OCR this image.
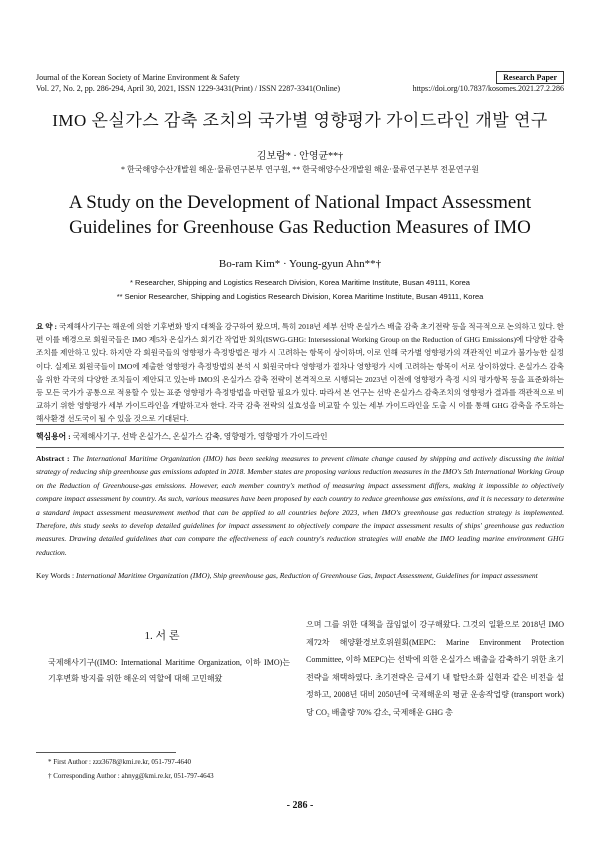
Journal of the Korean Society of Marine Environment & Safety
Vol. 27, No. 2, pp. 286-294, April 30, 2021, ISSN 1229-3431(Print) / ISSN 2287-3341(Online)
Research Paper
https://doi.org/10.7837/kosomes.2021.27.2.286
IMO 온실가스 감축 조치의 국가별 영향평가 가이드라인 개발 연구
김보람* · 안영균**†
* 한국해양수산개발원 해운·물류연구본부 연구원, ** 한국해양수산개발원 해운·물류연구본부 전문연구원
A Study on the Development of National Impact Assessment Guidelines for Greenhouse Gas Reduction Measures of IMO
Bo-ram Kim* · Young-gyun Ahn**†
* Researcher, Shipping and Logistics Research Division, Korea Maritime Institute, Busan 49111, Korea
** Senior Researcher, Shipping and Logistics Research Division, Korea Maritime Institute, Busan 49111, Korea
요 약 : 국제해사기구는 해운에 의한 기후변화 방지 대책을 강구하여 왔으며, 특히 2018년 세부 선박 온실가스 배출 감축 초기전략 등을 적극적으로 논의하고 있다. 한편 이를 배경으로 회원국들은 IMO 제5차 온실가스 회기간 작업반 회의(ISWG-GHG: Intersessional Working Group on the Reduction of GHG Emissions)에 다양한 감축 조치를 제안하고 있다. 하지만 각 회원국들의 영향평가 측정방법은 평가 시 고려하는 항목이 상이하며, 이로 인해 국가별 영향평가의 객관적인 비교가 불가능한 실정이다. 실제로 회원국들이 IMO에 제출한 영향평가 측정방법의 분석 시 회원국마다 영향평가 절차나 영향평가 시에 고려하는 항목이 서로 상이하였다. 온실가스 감축을 위한 각국의 다양한 조치들이 제안되고 있는바 IMO의 온실가스 감축 전략이 본격적으로 시행되는 2023년 이전에 영향평가 측정 시의 평가항목 등을 표준화하는 등 모든 국가가 공통으로 적용할 수 있는 표준 영향평가 측정방법을 마련할 필요가 있다. 따라서 본 연구는 선박 온실가스 감축조치의 영향평가 결과를 객관적으로 비교하기 위한 영향평가 세부 가이드라인을 개발하고자 한다. 각국 감축 전략의 실효성을 비교할 수 있는 세부 가이드라인을 도출 시 이를 통해 GHG 감축을 주도하는 해사환경 선도국이 될 수 있을 것으로 기대된다.
핵심용어 : 국제해사기구, 선박 온실가스, 온실가스 감축, 영향평가, 영향평가 가이드라인
Abstract : The International Maritime Organization (IMO) has been seeking measures to prevent climate change caused by shipping and actively discussing the initial strategy of reducing ship greenhouse gas emissions adopted in 2018. Member states are proposing various reduction measures in the IMO's 5th International Working Group on the Reduction of Greenhouse-gas emissions. However, each member country's method of measuring impact assessment differs, making it impossible to objectively compare impact assessment by country. As such, various measures have been proposed by each country to reduce greenhouse gas emissions, and it is necessary to determine a standard impact assessment measurement method that can be applied to all countries before 2023, when IMO's greenhouse gas reduction strategy is implemented. Therefore, this study seeks to develop detailed guidelines for impact assessment to objectively compare the impact assessment results of ships' greenhouse gas reduction measures. Drawing detailed guidelines that can compare the effectiveness of each country's reduction strategies will enable the IMO leading marine environment GHG reduction.
Key Words : International Maritime Organization (IMO), Ship greenhouse gas, Reduction of Greenhouse Gas, Impact Assessment, Guidelines for impact assessment
1. 서 론
국제해사기구((IMO: International Maritime Organization, 이하 IMO)는 기후변화 방지를 위한 해운의 역할에 대해 고민해왔
* First Author : zzz3678@kmi.re.kr, 051-797-4640
† Corresponding Author : ahnyg@kmi.re.kr, 051-797-4643
으며 그를 위한 대책을 끊임없이 강구해왔다. 그것의 일환으로 2018년 IMO 제72차 해양환경보호위원회(MEPC: Marine Environment Protection Committee, 이하 MEPC)는 선박에 의한 온실가스 배출을 감축하기 위한 초기전략을 채택하였다. 초기전략은 금세기 내 탈탄소화 실현과 같은 비전을 설정하고, 2008년 대비 2050년에 국제해운의 평균 운송작업량 (transport work)당 CO₂ 배출량 70% 감소, 국제해운 GHG 총
- 286 -
